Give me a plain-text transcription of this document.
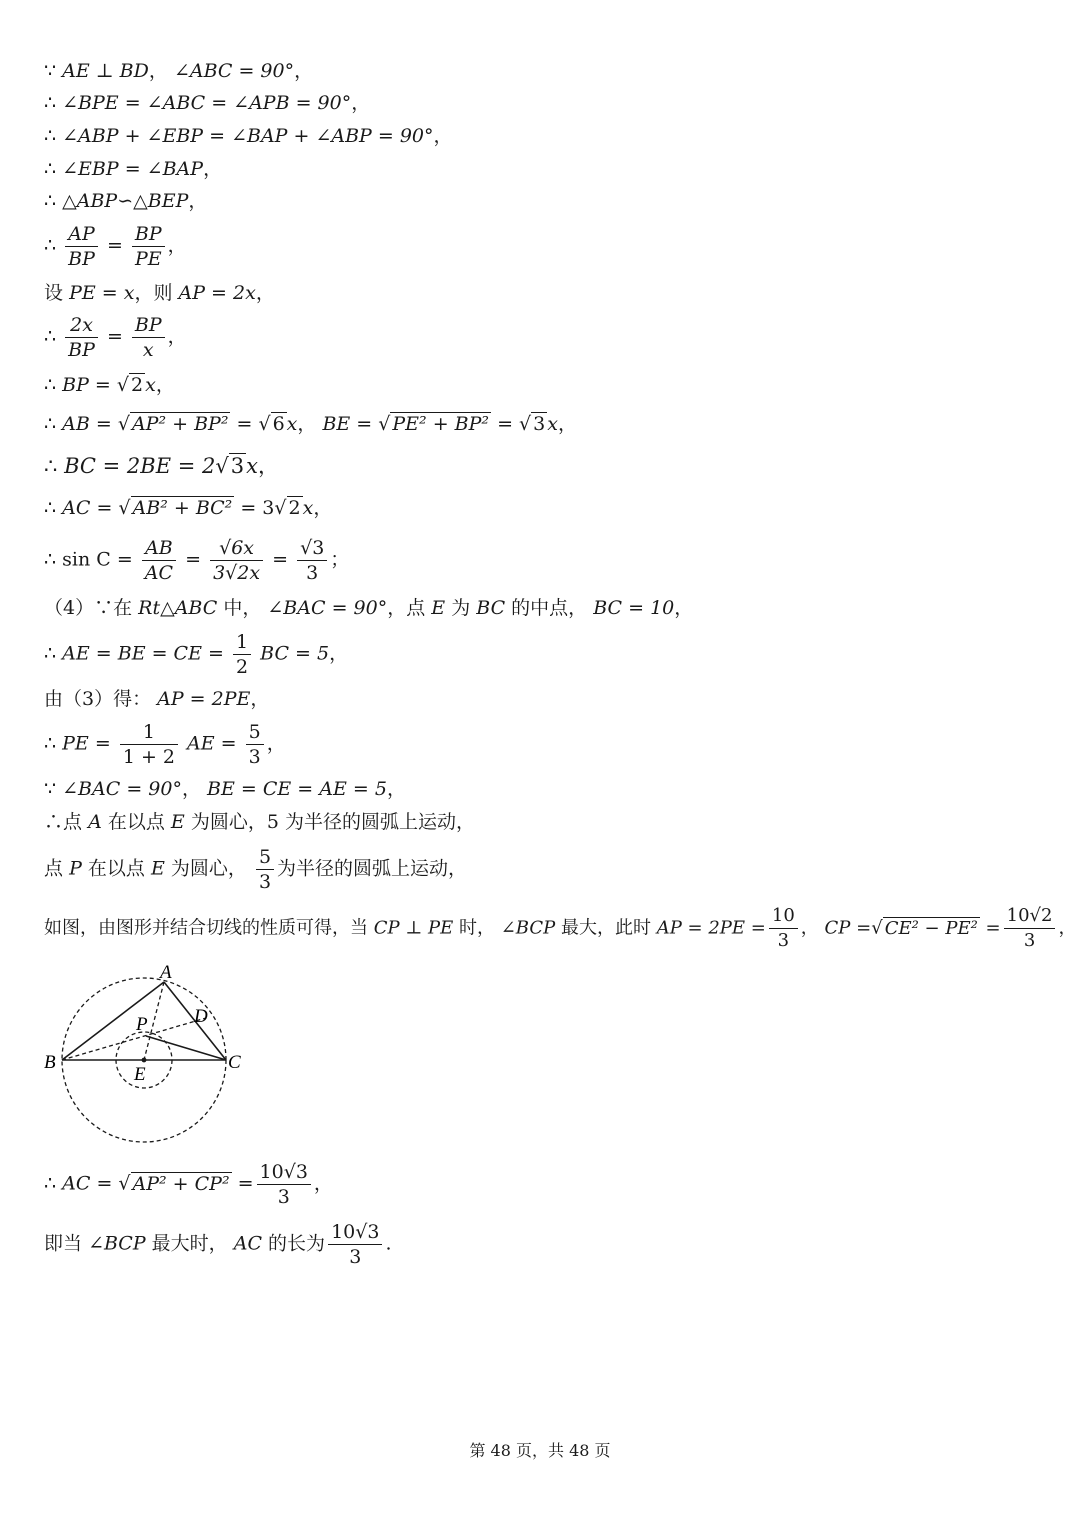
∵ AE ⊥ BD， ∠ABC = 90°，
∴ ∠BPE = ∠ABC = ∠APB = 90°，
∴ ∠ABP + ∠EBP = ∠BAP + ∠ABP = 90°，
∴ ∠EBP = ∠BAP，
∴ △ABP∽△BEP，
∴ $\frac{AP}{BP} = \frac{BP}{PE}$ ，
设 PE = x，则 AP = 2x，
∴ $\frac{2x}{BP} = \frac{BP}{x}$ ，
∴ BP = √ 2 x，
∴ AB = √ AP² + BP² = √ 6 x， BE = √ PE² + BP² = √ 3 x，
∴ BC = 2BE = 2√3x，
∴ AC = √ AB² + BC² = 3√ 2 x，
∴ $\sin C = \frac{AB}{AC} = \frac{√6x}{3√2x} = \frac{√3}{3}$ ；
（4）∵在 Rt△ABC 中， ∠BAC = 90°，点 E 为 BC 的中点， BC = 10，
∴ AE = BE = CE = $\frac{1}{2}$ BC = 5，
由（3）得： AP = 2PE，
∴ PE = $\frac{1}{1 + 2}$ AE = $\frac{5}{3}$ ，
∵ ∠BAC = 90°， BE = CE = AE = 5，
∴点 A 在以点 E 为圆心，5 为半径的圆弧上运动，
点 P 在以点 E 为圆心， $\frac{5}{3}$ 为半径的圆弧上运动，
如图，由图形并结合切线的性质可得，当 CP ⊥ PE 时， ∠BCP 最大，此时 AP = $2PE = \frac{10}{3}$ ， CP =√ $CE^2 - PE^2 = \frac{10√2}{3}$ ，
A
B	C
D
E
P
∴ AC = √ $AP^2 + CP^2 = \frac{10√3}{3}$ ，
即当 ∠BCP 最大时， AC 的长为 $\frac{10√3}{3}$ .
第 48 页，共 48 页
